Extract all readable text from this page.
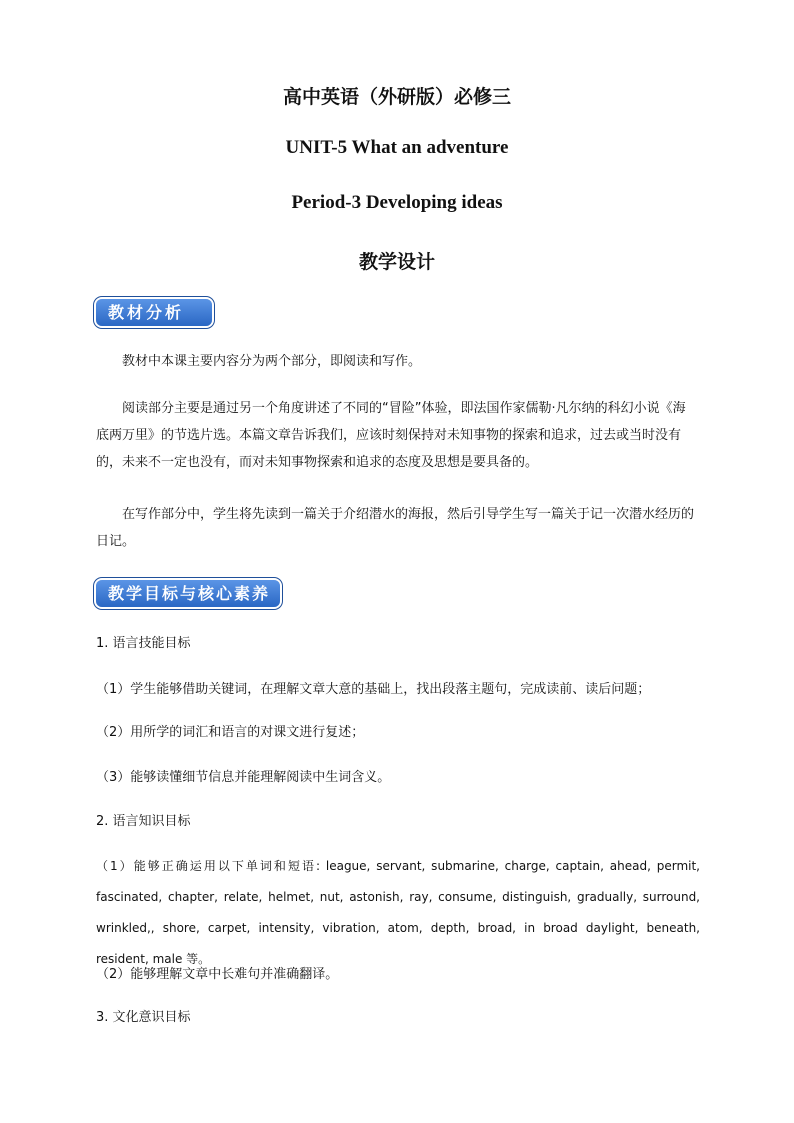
高中英语（外研版）必修三
UNIT-5 What an adventure
Period-3 Developing ideas
教学设计
教材分析
教材中本课主要内容分为两个部分，即阅读和写作。
阅读部分主要是通过另一个角度讲述了不同的“冒险”体验，即法国作家儒勒·凡尔纳的科幻小说《海底两万里》的节选片选。本篇文章告诉我们，应该时刻保持对未知事物的探索和追求，过去或当时没有的，未来不一定也没有，而对未知事物探索和追求的态度及思想是要具备的。
在写作部分中，学生将先读到一篇关于介绍潜水的海报，然后引导学生写一篇关于记一次潜水经历的日记。
教学目标与核心素养
1. 语言技能目标
（1）学生能够借助关键词，在理解文章大意的基础上，找出段落主题句，完成读前、读后问题；
（2）用所学的词汇和语言的对课文进行复述；
（3）能够读懂细节信息并能理解阅读中生词含义。
2. 语言知识目标
（1）能够正确运用以下单词和短语: league, servant, submarine, charge, captain, ahead, permit, fascinated, chapter, relate, helmet, nut, astonish, ray, consume, distinguish, gradually, surround, wrinkled,, shore, carpet, intensity, vibration, atom, depth, broad, in broad daylight, beneath, resident, male 等。
（2）能够理解文章中长难句并准确翻译。
3. 文化意识目标
